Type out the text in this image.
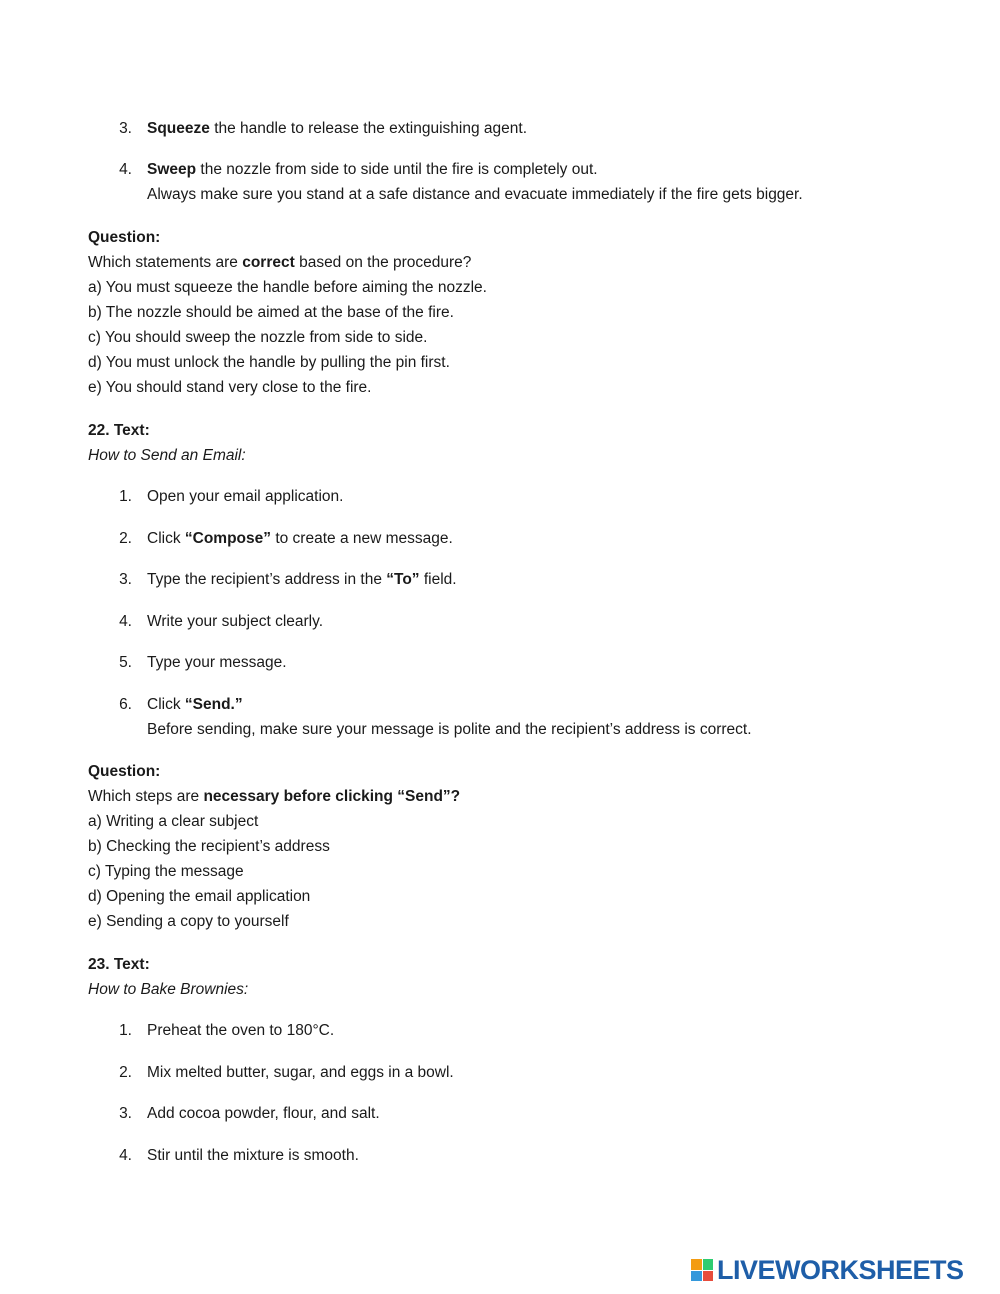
3. Squeeze the handle to release the extinguishing agent.
4. Sweep the nozzle from side to side until the fire is completely out.
Always make sure you stand at a safe distance and evacuate immediately if the fire gets bigger.
Question:
Which statements are correct based on the procedure?
a) You must squeeze the handle before aiming the nozzle.
b) The nozzle should be aimed at the base of the fire.
c) You should sweep the nozzle from side to side.
d) You must unlock the handle by pulling the pin first.
e) You should stand very close to the fire.
22. Text:
How to Send an Email:
1. Open your email application.
2. Click “Compose” to create a new message.
3. Type the recipient’s address in the “To” field.
4. Write your subject clearly.
5. Type your message.
6. Click “Send.”
Before sending, make sure your message is polite and the recipient’s address is correct.
Question:
Which steps are necessary before clicking “Send”?
a) Writing a clear subject
b) Checking the recipient’s address
c) Typing the message
d) Opening the email application
e) Sending a copy to yourself
23. Text:
How to Bake Brownies:
1. Preheat the oven to 180°C.
2. Mix melted butter, sugar, and eggs in a bowl.
3. Add cocoa powder, flour, and salt.
4. Stir until the mixture is smooth.
LIVEWORKSHEETS
